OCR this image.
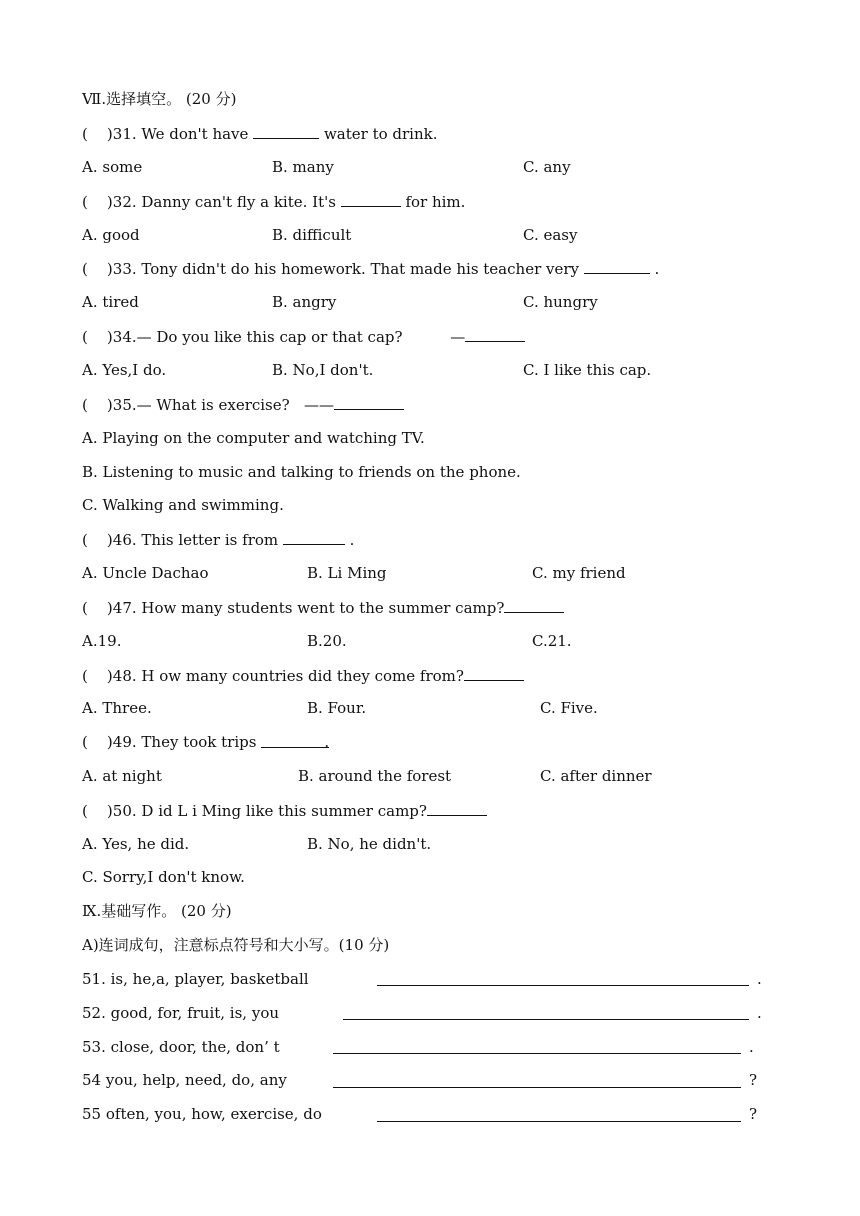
Ⅶ.选择填空。 (20 分)
(    )31. We don't have	water to drink.
A. some	B. many	C. any
(    )32. Danny can't fly a kite. It's	for him.
A. good	B. difficult	C. easy
(    )33. Tony didn't do his homework. That made his teacher very	.
A. tired	B. angry	C. hungry
(    )34.— Do you like this cap or that cap?          —
A. Yes,I do.	B. No,I don't.	C. I like this cap.
(    )35.— What is exercise?   ——
A. Playing on the computer and watching TV.
B. Listening to music and talking to friends on the phone.
C. Walking and swimming.
(    )46. This letter is from	.
A. Uncle Dachao	B. Li Ming	C. my friend
(    )47. How many students went to the summer camp?
A.19.	B.20.	C.21.
(    )48. H ow many countries did they come from?
A. Three.	B. Four.	C. Five.
(    )49. They took trips	.
A. at night	B. around the forest	C. after dinner
(    )50. D id L i Ming like this summer camp?
A. Yes, he did.	B. No, he didn't.
C. Sorry,I don't know.
Ⅸ.基础写作。 (20 分)
A)连词成句，注意标点符号和大小写。(10 分)
51. is, he,a, player, basketball	.
52. good, for, fruit, is, you	.
53. close, door, the, don’ t	.
54 you, help, need, do, any	?
55 often, you, how, exercise, do	?
